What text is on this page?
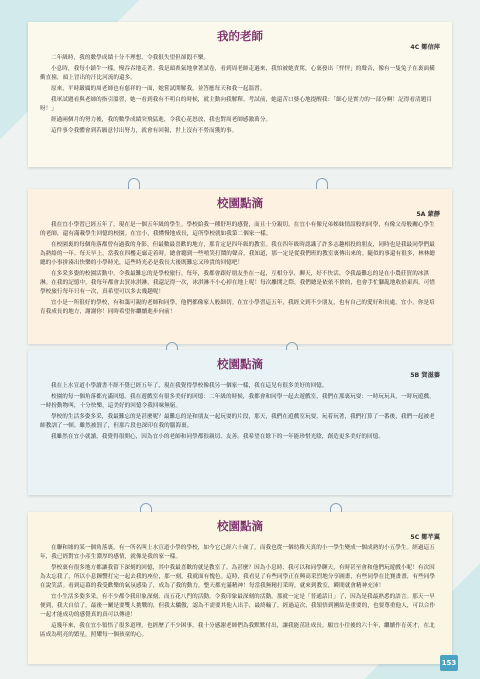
我的老師
4C 鄭信萍

二年級時，我的數學成績十分不理想，令我很失望但卻悶不樂。

小息時，我每小鎮牛一樣，慢吞吞地走著。我是頭喪氣地拿著試卷，看到周老師走過來，我怕被她責罵，心裏發出「怦怦」的聲音，像有一隻兔子在裏面橫衝直撞，頭上冒出的汗比河流的還多。

原來，平時嚴厲的周老師也有慈祥的一面，她嘗試開解我，並答應每天和我一起溫習。

我軍試題看與老師的指引溫習，她一看到我有不明白的時候，就主動向我解釋。考試前，她還苦口婆心地提醒我：「細心是實力的一部分啊！記得看清題目呀！」

經過兩個月的努力後，我的數學成績突飛猛進，令我心花怒放，我也對周老師感激萬分。

這件事令我體會到若願意付出努力，就會有回報，世上沒有不勞而獲的事。

校園點滴
5A 蒙靜

我在宜小學習已經五年了，現在是一個五年級的學生。學校給我一種舒坦的感覺，而且十分親切。在宜小有像兄弟姊妹情誼般的同學，有像父母般關心學生的老師，還有滿載學生回憶的校園。在宜小，我懂慢地成長，這所學校就如我第二個家一樣。

在校園裏的每個角落都曾有過我的身影，但最數最喜歡的地方，那肯定是四年級的教室。我在四年級時認識了許多志趣相投的朋友，同時也是我最同學們最為熟絡的一年。每天早上，當我在四樓走廊走着時，總會聽到一些嘻笑打鬧的聲音，我知道，那一定是從我們班的教室裏傳出來的。隨似的事還有很多，林林總總的小事拼湊出快樂的小學時光，這些時光必是我長大後既難忘又珍貴的回憶吧！

在多采多姿的校園活動中，令我最難忘的是學校旅行。每年，我都會跟好朋友坐在一起，互相分享、聊天，好不快活。令我最難忘的是在小農莊買的冰淇淋。在我的記憶中，我每年都會去買冰淇淋，我還記得一次，冰淇淋不小心掉在地上呢！每次離開之際，我們總是依依不捨的，也會手忙腳亂地收拾東西。可惜學校旅行每年只有一次，真希望可以多去幾趟呢！

宜小是一所很好的學校，有和藹可親的老師和同學，他們都像家人般細切。在宜小學習這五年，我經文到不少朋友，也有自己的愛好和長處。宜小，你是培育我成長的地方，謝謝你！同時希望你繼續進步向前！

校園點滴
5B 賀滋蓁

我在上水宣道小學讀書不經不覺已經五年了，現在我覺得學校像我另一個家一樣，我在這兒有很多美好的回憶。

校園的每一個角落都充滿回憶。我在遊戲室有很多美好的回憶：二年級的時候，我都會和同學一起去遊戲室，我們在那裏玩耍：一時玩玩具，一時玩遊戲，一時扮動物叫，十分快樂，這美好的回憶令我回味無窮。

學校的生活多姿多采，我最難忘的是甚麼呢？最難忘的是和朋友一起玩耍的片段，那天，我們在遊戲室玩耍，玩着玩著，我們打算了一番後，我們一起被老師教訓了一頓。雖然被罰了，但那片段也深印在我的腦海裏。

我雖然在宜小就讀，我覺得很開心，因為宜小的老師和同學都很親切、友善。我希望在餘下的一年能珍惜光陰，創造更多美好的回憶。

校園點滴
5C 鄭芊翼

在聯和墟的某一個角落裏，有一所名叫上水宣道小學的學校，如今它已經六十歲了，而我也從一個幼稚天真的小一學生變成一個成熟的小五學生。經過這五年，我已經對宜小產生濃厚的感情，就像是我的家一樣。

學校裏有很多地方都讓我留下深刻的回憶，其中我最喜歡的就是教室了。為甚麼？因為小息時，我可以和同學聊天，有時甚至會和他們玩遊戲小呢！有次因為太忘我了，所以小息鐘響打完一起去我的座位，那一刻，我就面有愧色。這時，我看見了有些同學正在興高采烈地分享圖畫，有些同學在比賽畫畫，有些同學在說笑話。看到這幕的我受歡樂的氣氛感染了，成為了我的動力，整天都充滿精神！每當我無精打采時，就來到教室，瞬間就會精神充沛！

宜小生活多姿多采，有不少都令我印象深刻。而五花八門的活動，令我印象最深刻的活動，那就一定是「普通話日」了，因為是我最熟悉的語言。那天一早便到，我大自信了，最後一關是要雙人挑戰的，但我太驕傲，認為不需要其他人出手，最終輸了，經過這次，我領悟到團結是重要的，也要尊重他人，可以合作一起才能成功的感覺真的真可以傳達！

這幾年來，我在宜小領悟了很多道理，也經歷了不少困事，我十分感謝老師們為我默默付出，讓我能茁壯成長。願宜小往後的六十年，繼續作育英才，在北區成為明亮的繁星，照耀每一個孩童的心。

153
